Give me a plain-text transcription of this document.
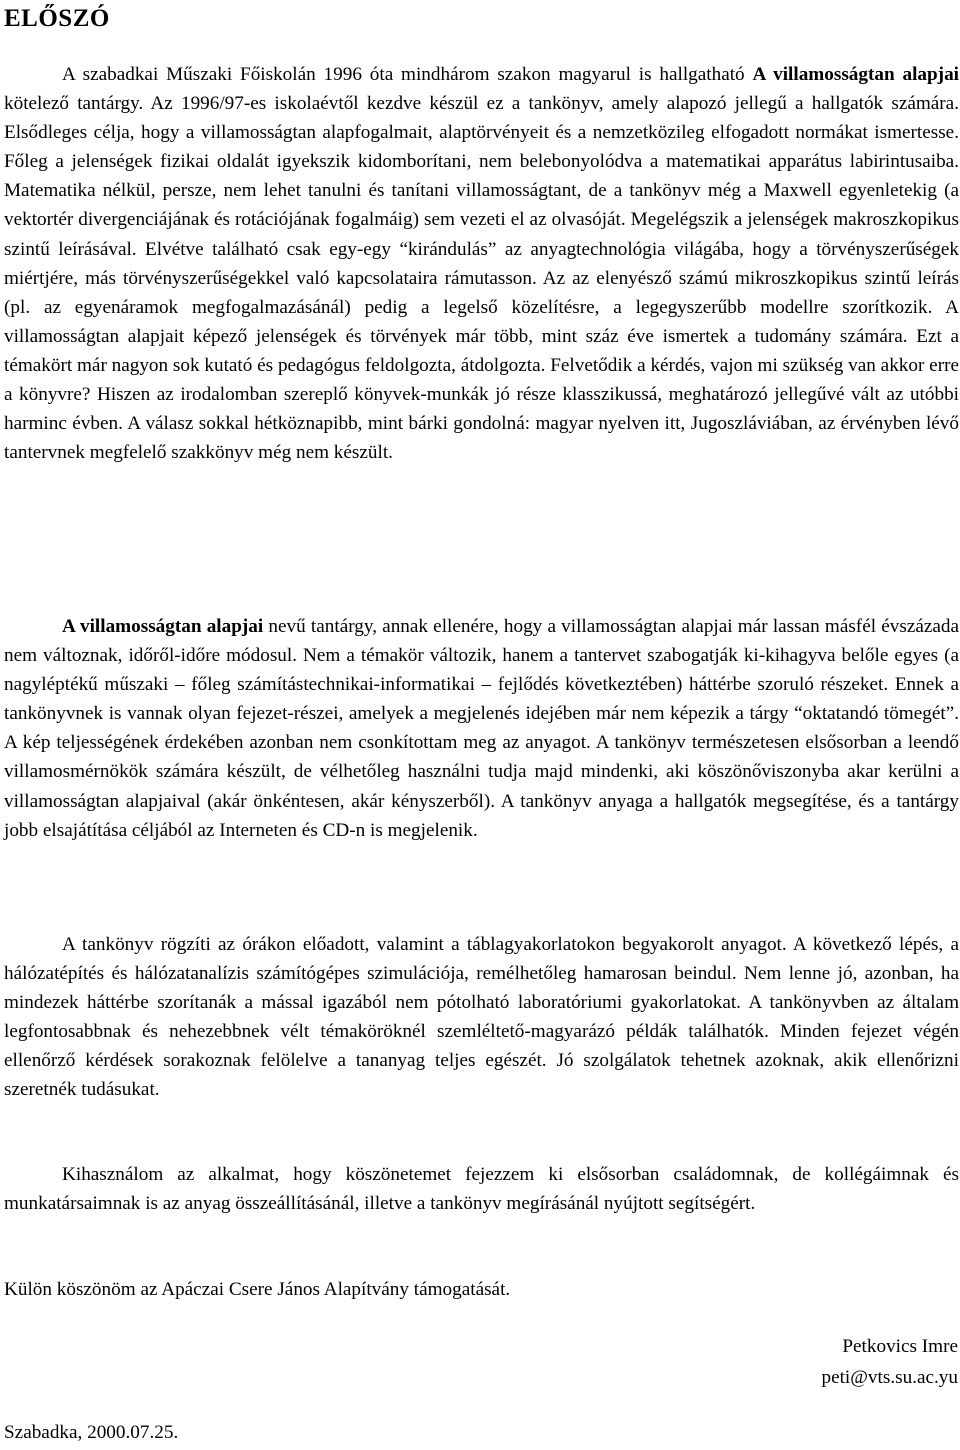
ELŐSZÓ

A szabadkai Műszaki Főiskolán 1996 óta mindhárom szakon magyarul is hallgatható A villamosságtan alapjai kötelező tantárgy. Az 1996/97-es iskolaévtől kezdve készül ez a tankönyv, amely alapozó jellegű a hallgatók számára. Elsődleges célja, hogy a villamosságtan alapfogalmait, alaptörvényeit és a nemzetközileg elfogadott normákat ismertesse. Főleg a jelenségek fizikai oldalát igyekszik kidomborítani, nem belebonyolódva a matematikai apparátus labirintusaiba. Matematika nélkül, persze, nem lehet tanulni és tanítani villamosságtant, de a tankönyv még a Maxwell egyenletekig (a vektortér divergenciájának és rotációjának fogalmáig) sem vezeti el az olvasóját. Megelégszik a jelenségek makroszkopikus szintű leírásával. Elvétve található csak egy-egy “kirándulás” az anyagtechnológia világába, hogy a törvényszerűségek miértjére, más törvényszerűségekkel való kapcsolataira rámutasson. Az az elenyésző számú mikroszkopikus szintű leírás (pl. az egyenáramok megfogalmazásánál) pedig a legelső közelítésre, a legegyszerűbb modellre szorítkozik. A villamosságtan alapjait képező jelenségek és törvények már több, mint száz éve ismertek a tudomány számára. Ezt a témakört már nagyon sok kutató és pedagógus feldolgozta, átdolgozta. Felvetődik a kérdés, vajon mi szükség van akkor erre a könyvre? Hiszen az irodalomban szereplő könyvek-munkák jó része klasszikussá, meghatározó jellegűvé vált az utóbbi harminc évben. A válasz sokkal hétköznapibb, mint bárki gondolná: magyar nyelven itt, Jugoszláviában, az érvényben lévő tantervnek megfelelő szakkönyv még nem készült.

A villamosságtan alapjai nevű tantárgy, annak ellenére, hogy a villamosságtan alapjai már lassan másfél évszázada nem változnak, időről-időre módosul. Nem a témakör változik, hanem a tantervet szabogatják ki-kihagyva belőle egyes (a nagyléptékű műszaki – főleg számítástechnikai-informatikai – fejlődés következtében) háttérbe szoruló részeket. Ennek a tankönyvnek is vannak olyan fejezet-részei, amelyek a megjelenés idejében már nem képezik a tárgy “oktatandó tömegét”. A kép teljességének érdekében azonban nem csonkítottam meg az anyagot. A tankönyv természetesen elsősorban a leendő villamosmérnökök számára készült, de vélhetőleg használni tudja majd mindenki, aki köszönőviszonyba akar kerülni a villamosságtan alapjaival (akár önkéntesen, akár kényszerből). A tankönyv anyaga a hallgatók megsegítése, és a tantárgy jobb elsajátítása céljából az Interneten és CD-n is megjelenik.

A tankönyv rögzíti az órákon előadott, valamint a táblagyakorlatokon begyakorolt anyagot. A következő lépés, a hálózatépítés és hálózatanalízis számítógépes szimulációja, remélhetőleg hamarosan beindul. Nem lenne jó, azonban, ha mindezek háttérbe szorítanák a mással igazából nem pótolható laboratóriumi gyakorlatokat. A tankönyvben az általam legfontosabbnak és nehezebbnek vélt témaköröknél szemléltető-magyarázó példák találhatók. Minden fejezet végén ellenőrző kérdések sorakoznak felölelve a tananyag teljes egészét. Jó szolgálatok tehetnek azoknak, akik ellenőrizni szeretnék tudásukat.

Kihasználom az alkalmat, hogy köszönetemet fejezzem ki elsősorban családomnak, de kollégáimnak és munkatársaimnak is az anyag összeállításánál, illetve a tankönyv megírásánál nyújtott segítségért.

Külön köszönöm az Apáczai Csere János Alapítvány támogatását.

Petkovics Imre
peti@vts.su.ac.yu
Szabadka, 2000.07.25.
